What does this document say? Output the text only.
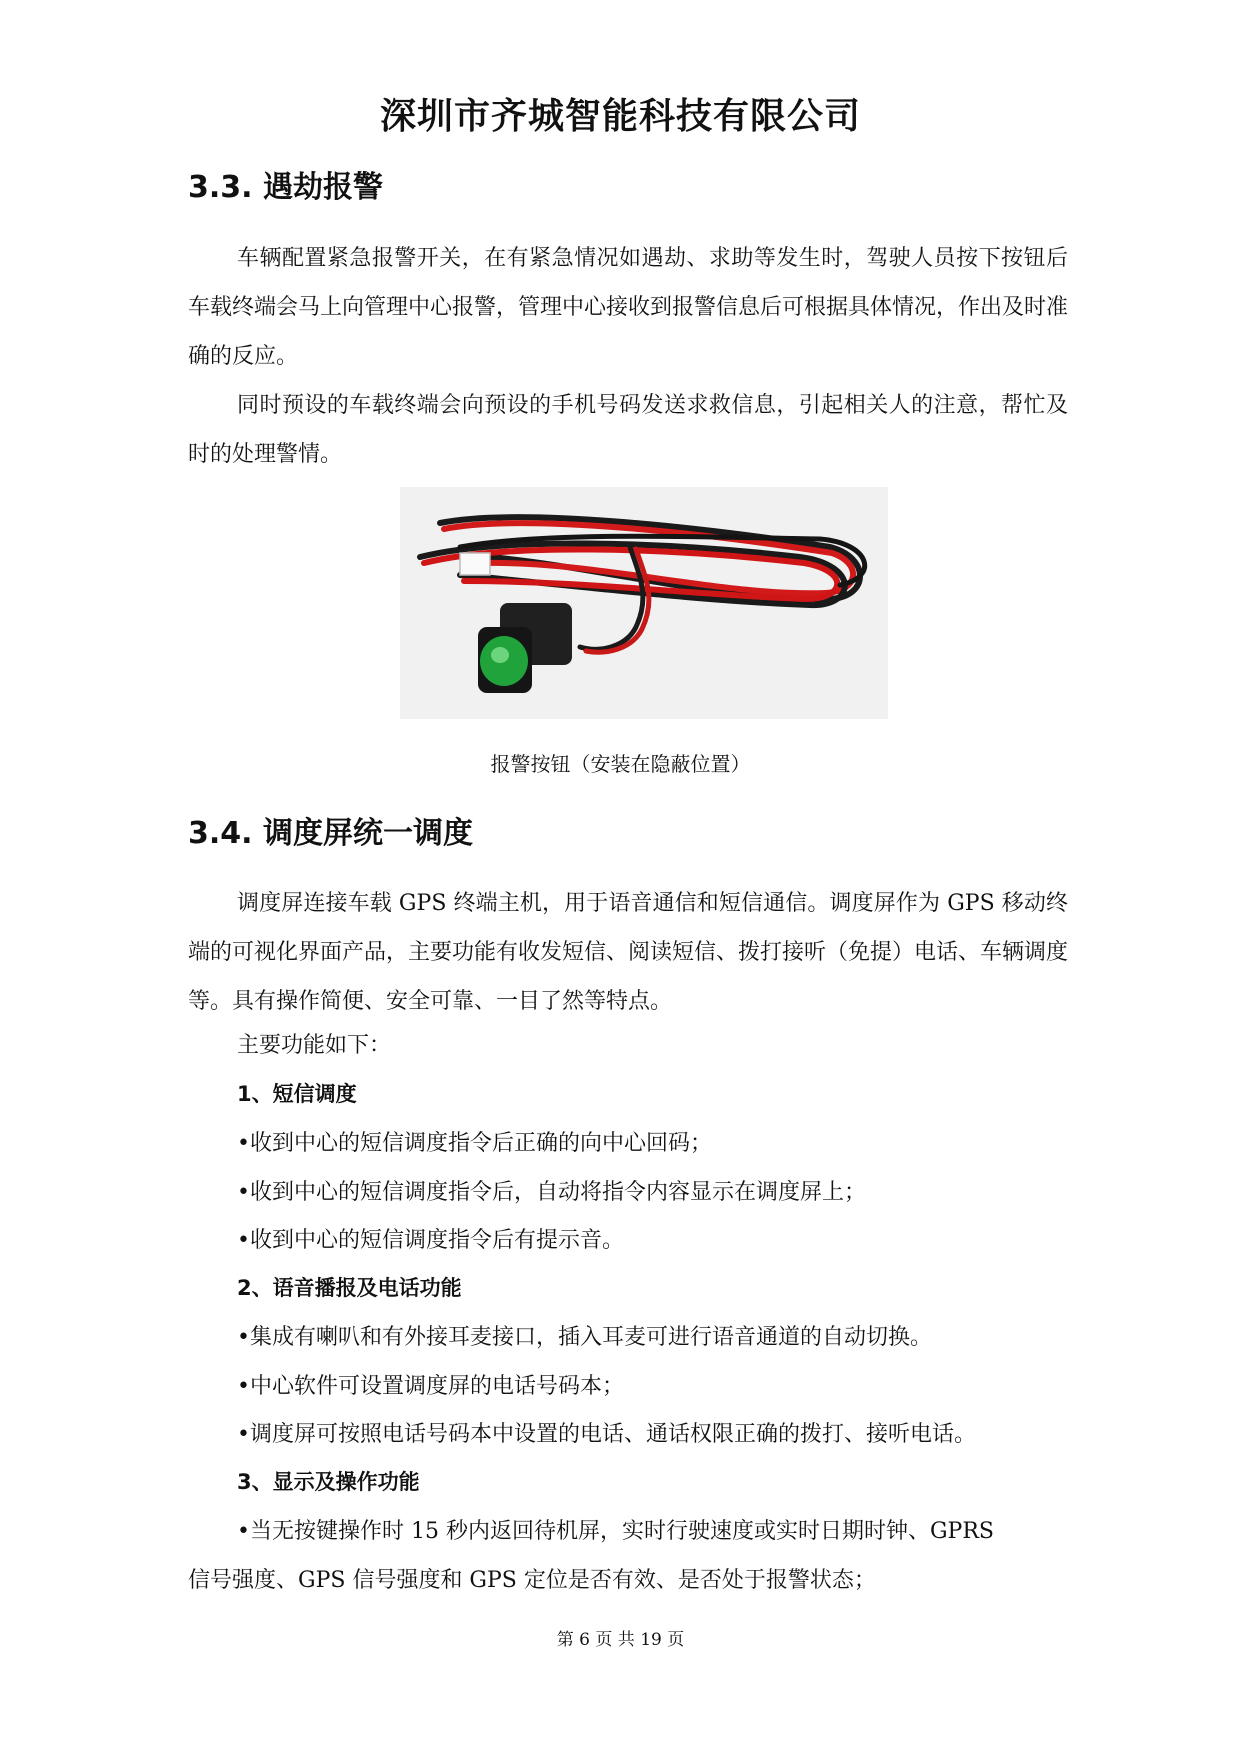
深圳市齐城智能科技有限公司
3.3. 遇劫报警
车辆配置紧急报警开关，在有紧急情况如遇劫、求助等发生时，驾驶人员按下按钮后车载终端会马上向管理中心报警，管理中心接收到报警信息后可根据具体情况，作出及时准确的反应。
同时预设的车载终端会向预设的手机号码发送求救信息，引起相关人的注意，帮忙及时的处理警情。
报警按钮（安装在隐蔽位置）
3.4. 调度屏统一调度
调度屏连接车载 GPS 终端主机，用于语音通信和短信通信。调度屏作为 GPS 移动终端的可视化界面产品，主要功能有收发短信、阅读短信、拨打接听（免提）电话、车辆调度等。具有操作简便、安全可靠、一目了然等特点。
主要功能如下：
1、短信调度
•收到中心的短信调度指令后正确的向中心回码；
•收到中心的短信调度指令后，自动将指令内容显示在调度屏上；
•收到中心的短信调度指令后有提示音。
2、语音播报及电话功能
•集成有喇叭和有外接耳麦接口，插入耳麦可进行语音通道的自动切换。
•中心软件可设置调度屏的电话号码本；
•调度屏可按照电话号码本中设置的电话、通话权限正确的拨打、接听电话。
3、显示及操作功能
•当无按键操作时 15 秒内返回待机屏，实时行驶速度或实时日期时钟、GPRS
信号强度、GPS 信号强度和 GPS 定位是否有效、是否处于报警状态；
第 6 页 共 19 页
